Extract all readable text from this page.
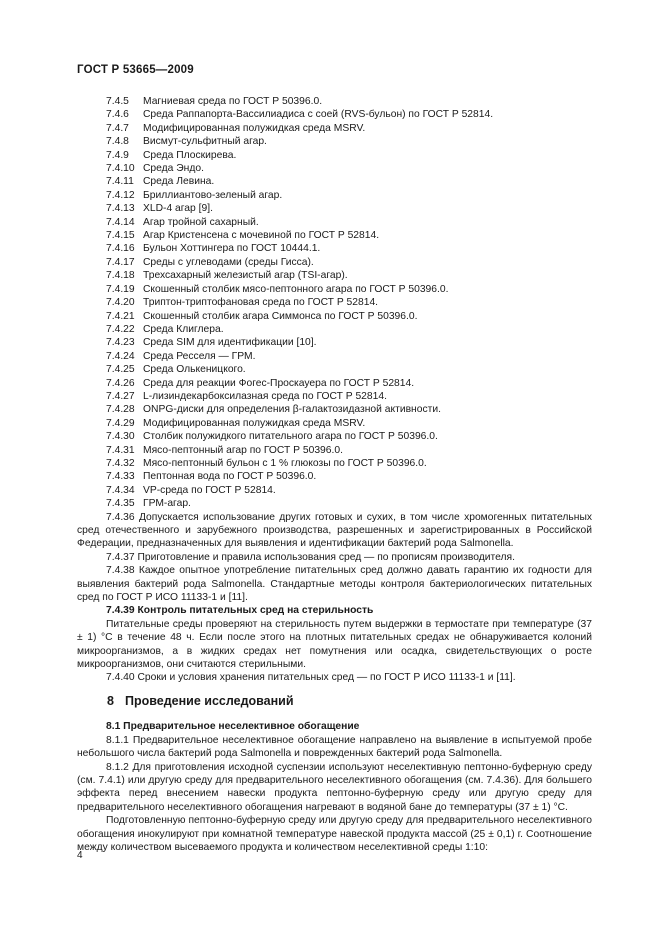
ГОСТ Р 53665—2009
7.4.5 Магниевая среда по ГОСТ Р 50396.0.
7.4.6 Среда Раппапорта-Вассилиадиса с соей (RVS-бульон) по ГОСТ Р 52814.
7.4.7 Модифицированная полужидкая среда MSRV.
7.4.8 Висмут-сульфитный агар.
7.4.9 Среда Плоскирева.
7.4.10 Среда Эндо.
7.4.11 Среда Левина.
7.4.12 Бриллиантово-зеленый агар.
7.4.13 XLD-4 агар [9].
7.4.14 Агар тройной сахарный.
7.4.15 Агар Кристенсена с мочевиной по ГОСТ Р 52814.
7.4.16 Бульон Хоттингера по ГОСТ 10444.1.
7.4.17 Среды с углеводами (среды Гисса).
7.4.18 Трехсахарный железистый агар (TSI-агар).
7.4.19 Скошенный столбик мясо-пептонного агара по ГОСТ Р 50396.0.
7.4.20 Триптон-триптофановая среда по ГОСТ Р 52814.
7.4.21 Скошенный столбик агара Симмонса по ГОСТ Р 50396.0.
7.4.22 Среда Клиглера.
7.4.23 Среда SIM для идентификации [10].
7.4.24 Среда Ресселя — ГРМ.
7.4.25 Среда Олькеницкого.
7.4.26 Среда для реакции Фогес-Проскауера по ГОСТ Р 52814.
7.4.27 L-лизиндекарбоксилазная среда по ГОСТ Р 52814.
7.4.28 ONPG-диски для определения β-галактозидазной активности.
7.4.29 Модифицированная полужидкая среда MSRV.
7.4.30 Столбик полужидкого питательного агара по ГОСТ Р 50396.0.
7.4.31 Мясо-пептонный агар по ГОСТ Р 50396.0.
7.4.32 Мясо-пептонный бульон с 1 % глюкозы по ГОСТ Р 50396.0.
7.4.33 Пептонная вода по ГОСТ Р 50396.0.
7.4.34 VP-среда по ГОСТ Р 52814.
7.4.35 ГРМ-агар.
7.4.36 Допускается использование других готовых и сухих, в том числе хромогенных питательных сред отечественного и зарубежного производства, разрешенных и зарегистрированных в Российской Федерации, предназначенных для выявления и идентификации бактерий рода Salmonella.
7.4.37 Приготовление и правила использования сред — по прописям производителя.
7.4.38 Каждое опытное употребление питательных сред должно давать гарантию их годности для выявления бактерий рода Salmonella. Стандартные методы контроля бактериологических питательных сред по ГОСТ Р ИСО 11133-1 и [11].
7.4.39 Контроль питательных сред на стерильность
Питательные среды проверяют на стерильность путем выдержки в термостате при температуре (37 ± 1) °С в течение 48 ч. Если после этого на плотных питательных средах не обнаруживается колоний микроорганизмов, а в жидких средах нет помутнения или осадка, свидетельствующих о росте микроорганизмов, они считаются стерильными.
7.4.40 Сроки и условия хранения питательных сред — по ГОСТ Р ИСО 11133-1 и [11].
8 Проведение исследований
8.1 Предварительное неселективное обогащение
8.1.1 Предварительное неселективное обогащение направлено на выявление в испытуемой пробе небольшого числа бактерий рода Salmonella и поврежденных бактерий рода Salmonella.
8.1.2 Для приготовления исходной суспензии используют неселективную пептонно-буферную среду (см. 7.4.1) или другую среду для предварительного неселективного обогащения (см. 7.4.36). Для большего эффекта перед внесением навески продукта пептонно-буферную среду или другую среду для предварительного неселективного обогащения нагревают в водяной бане до температуры (37 ± 1) °С.
Подготовленную пептонно-буферную среду или другую среду для предварительного неселективного обогащения инокулируют при комнатной температуре навеской продукта массой (25 ± 0,1) г. Соотношение между количеством высеваемого продукта и количеством неселективной среды 1:10:
4
